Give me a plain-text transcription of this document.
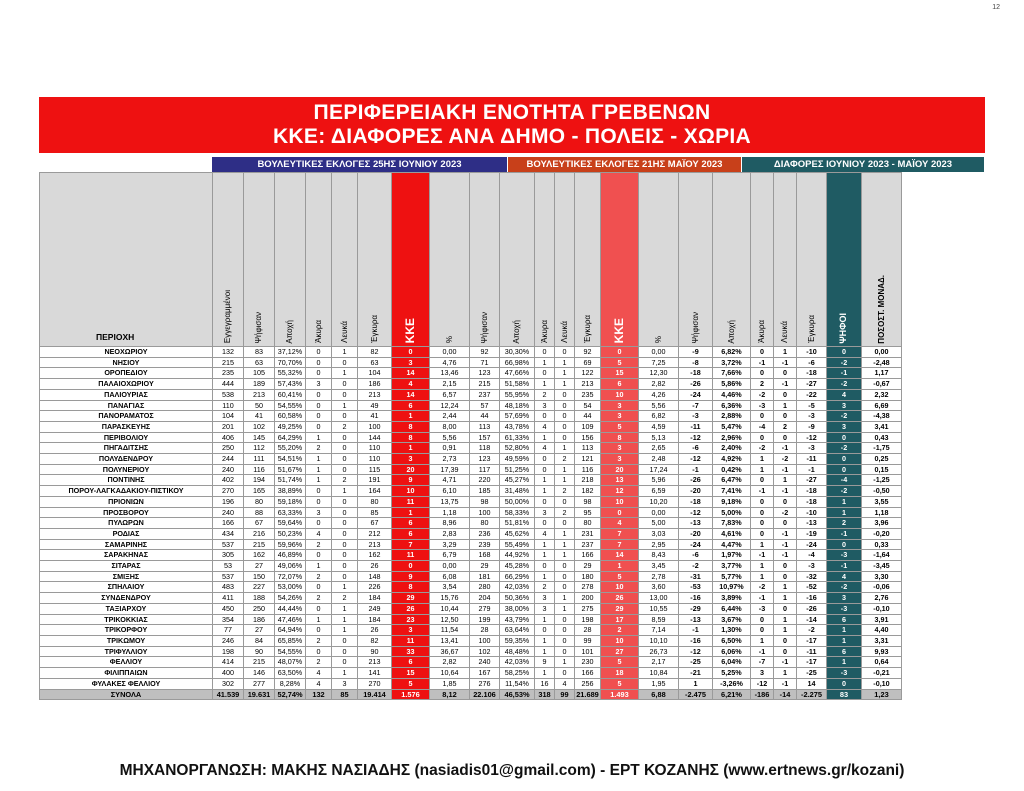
12
ΠΕΡΙΦΕΡΕΙΑΚΗ ΕΝΟΤΗΤΑ ΓΡΕΒΕΝΩΝ
ΚΚΕ: ΔΙΑΦΟΡΕΣ ΑΝΑ ΔΗΜΟ - ΠΟΛΕΙΣ - ΧΩΡΙΑ
ΒΟΥΛΕΥΤΙΚΕΣ ΕΚΛΟΓΕΣ 25ΗΣ ΙΟΥΝΙΟΥ 2023	ΒΟΥΛΕΥΤΙΚΕΣ ΕΚΛΟΓΕΣ 21ΗΣ ΜΑΪΟΥ 2023	ΔΙΑΦΟΡΕΣ ΙΟΥΝΙΟΥ 2023 - ΜΑΪΟΥ 2023
ΠΕΡΙΟΧΗ	Εγγεγραμμένοι	Ψήφισαν	Αποχή	Άκυρα	Λευκά	Έγκυρα	ΚΚΕ	%	Ψήφισαν	Αποχή	Άκυρα	Λευκά	Έγκυρα	ΚΚΕ	%	Ψήφισαν	Αποχή	Άκυρα	Λευκά	Έγκυρα	ΨΗΦΟΙ	ΠΟΣΟΣΤ. ΜΟΝΑΔ.
ΝΕΟΧΩΡΙΟΥ	132	83	37,12%	0	1	82	0	0,00	92	30,30%	0	0	92	0	0,00	-9	6,82%	0	1	-10	0	0,00
ΝΗΣΙΟΥ	215	63	70,70%	0	0	63	3	4,76	71	66,98%	1	1	69	5	7,25	-8	3,72%	-1	-1	-6	-2	-2,48
ΟΡΟΠΕΔΙΟΥ	235	105	55,32%	0	1	104	14	13,46	123	47,66%	0	1	122	15	12,30	-18	7,66%	0	0	-18	-1	1,17
ΠΑΛΑΙΟΧΩΡΙΟΥ	444	189	57,43%	3	0	186	4	2,15	215	51,58%	1	1	213	6	2,82	-26	5,86%	2	-1	-27	-2	-0,67
ΠΑΛΙΟΥΡΙΑΣ	538	213	60,41%	0	0	213	14	6,57	237	55,95%	2	0	235	10	4,26	-24	4,46%	-2	0	-22	4	2,32
ΠΑΝΑΓΙΑΣ	110	50	54,55%	0	1	49	6	12,24	57	48,18%	3	0	54	3	5,56	-7	6,36%	-3	1	-5	3	6,69
ΠΑΝΟΡΑΜΑΤΟΣ	104	41	60,58%	0	0	41	1	2,44	44	57,69%	0	0	44	3	6,82	-3	2,88%	0	0	-3	-2	-4,38
ΠΑΡΑΣΚΕΥΗΣ	201	102	49,25%	0	2	100	8	8,00	113	43,78%	4	0	109	5	4,59	-11	5,47%	-4	2	-9	3	3,41
ΠΕΡΙΒΟΛΙΟΥ	406	145	64,29%	1	0	144	8	5,56	157	61,33%	1	0	156	8	5,13	-12	2,96%	0	0	-12	0	0,43
ΠΗΓΑΔΙΤΣΗΣ	250	112	55,20%	2	0	110	1	0,91	118	52,80%	4	1	113	3	2,65	-6	2,40%	-2	-1	-3	-2	-1,75
ΠΟΛΥΔΕΝΔΡΟΥ	244	111	54,51%	1	0	110	3	2,73	123	49,59%	0	2	121	3	2,48	-12	4,92%	1	-2	-11	0	0,25
ΠΟΛΥΝΕΡΙΟΥ	240	116	51,67%	1	0	115	20	17,39	117	51,25%	0	1	116	20	17,24	-1	0,42%	1	-1	-1	0	0,15
ΠΟΝΤΙΝΗΣ	402	194	51,74%	1	2	191	9	4,71	220	45,27%	1	1	218	13	5,96	-26	6,47%	0	1	-27	-4	-1,25
ΠΟΡΟΥ-ΛΑΓΚΑΔΑΚΙΟΥ-ΠΙΣΤΙΚΟΥ	270	165	38,89%	0	1	164	10	6,10	185	31,48%	1	2	182	12	6,59	-20	7,41%	-1	-1	-18	-2	-0,50
ΠΡΙΟΝΙΩΝ	196	80	59,18%	0	0	80	11	13,75	98	50,00%	0	0	98	10	10,20	-18	9,18%	0	0	-18	1	3,55
ΠΡΟΣΒΟΡΟΥ	240	88	63,33%	3	0	85	1	1,18	100	58,33%	3	2	95	0	0,00	-12	5,00%	0	-2	-10	1	1,18
ΠΥΛΩΡΩΝ	166	67	59,64%	0	0	67	6	8,96	80	51,81%	0	0	80	4	5,00	-13	7,83%	0	0	-13	2	3,96
ΡΟΔΙΑΣ	434	216	50,23%	4	0	212	6	2,83	236	45,62%	4	1	231	7	3,03	-20	4,61%	0	-1	-19	-1	-0,20
ΣΑΜΑΡΙΝΗΣ	537	215	59,96%	2	0	213	7	3,29	239	55,49%	1	1	237	7	2,95	-24	4,47%	1	-1	-24	0	0,33
ΣΑΡΑΚΗΝΑΣ	305	162	46,89%	0	0	162	11	6,79	168	44,92%	1	1	166	14	8,43	-6	1,97%	-1	-1	-4	-3	-1,64
ΣΙΤΑΡΑΣ	53	27	49,06%	1	0	26	0	0,00	29	45,28%	0	0	29	1	3,45	-2	3,77%	1	0	-3	-1	-3,45
ΣΜΙΞΗΣ	537	150	72,07%	2	0	148	9	6,08	181	66,29%	1	0	180	5	2,78	-31	5,77%	1	0	-32	4	3,30
ΣΠΗΛΑΙΟΥ	483	227	53,00%	0	1	226	8	3,54	280	42,03%	2	0	278	10	3,60	-53	10,97%	-2	1	-52	-2	-0,06
ΣΥΝΔΕΝΔΡΟΥ	411	188	54,26%	2	2	184	29	15,76	204	50,36%	3	1	200	26	13,00	-16	3,89%	-1	1	-16	3	2,76
ΤΑΞΙΑΡΧΟΥ	450	250	44,44%	0	1	249	26	10,44	279	38,00%	3	1	275	29	10,55	-29	6,44%	-3	0	-26	-3	-0,10
ΤΡΙΚΟΚΚΙΑΣ	354	186	47,46%	1	1	184	23	12,50	199	43,79%	1	0	198	17	8,59	-13	3,67%	0	1	-14	6	3,91
ΤΡΙΚΟΡΦΟΥ	77	27	64,94%	0	1	26	3	11,54	28	63,64%	0	0	28	2	7,14	-1	1,30%	0	1	-2	1	4,40
ΤΡΙΚΩΜΟΥ	246	84	65,85%	2	0	82	11	13,41	100	59,35%	1	0	99	10	10,10	-16	6,50%	1	0	-17	1	3,31
ΤΡΙΦΥΛΛΙΟΥ	198	90	54,55%	0	0	90	33	36,67	102	48,48%	1	0	101	27	26,73	-12	6,06%	-1	0	-11	6	9,93
ΦΕΛΛΙΟΥ	414	215	48,07%	2	0	213	6	2,82	240	42,03%	9	1	230	5	2,17	-25	6,04%	-7	-1	-17	1	0,64
ΦΙΛΙΠΠΑΙΩΝ	400	146	63,50%	4	1	141	15	10,64	167	58,25%	1	0	166	18	10,84	-21	5,25%	3	1	-25	-3	-0,21
ΦΥΛΑΚΕΣ ΦΕΛΛΙΟΥ	302	277	8,28%	4	3	270	5	1,85	276	11,54%	16	4	256	5	1,95	1	-3,26%	-12	-1	14	0	-0,10
ΣΥΝΟΛΑ	41.539	19.631	52,74%	132	85	19.414	1.576	8,12	22.106	46,53%	318	99	21.689	1.493	6,88	-2.475	6,21%	-186	-14	-2.275	83	1,23
ΜΗΧΑΝΟΡΓΑΝΩΣΗ: ΜΑΚΗΣ ΝΑΣΙΑΔΗΣ (nasiadis01@gmail.com) - ΕΡΤ ΚΟΖΑΝΗΣ (www.ertnews.gr/kozani)
